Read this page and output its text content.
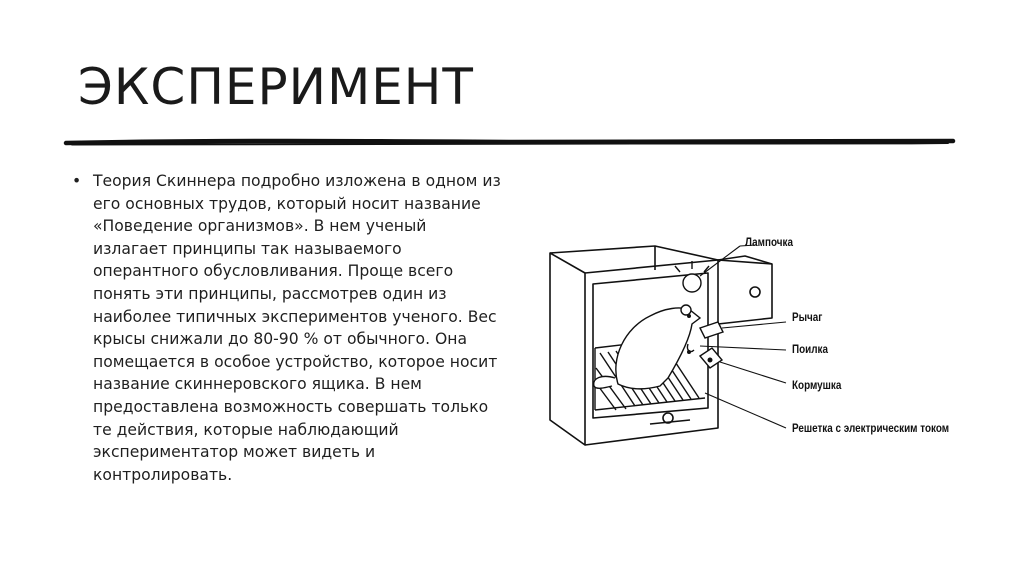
ЭКСПЕРИМЕНТ
• Теория Скиннера подробно изложена в одном из его основных трудов, который носит название «Поведение организмов». В нем ученый излагает принципы так называемого оперантного обусловливания. Проще всего понять эти принципы, рассмотрев один из наиболее типичных экспериментов ученого. Вес крысы снижали до 80-90 % от обычного. Она помещается в особое устройство, которое носит название скиннеровского ящика. В нем предоставлена возможность совершать только те действия, которые наблюдающий экспериментатор может видеть и контролировать.
Лампочка
Рычаг
Поилка
Кормушка
Решетка с электрическим током
